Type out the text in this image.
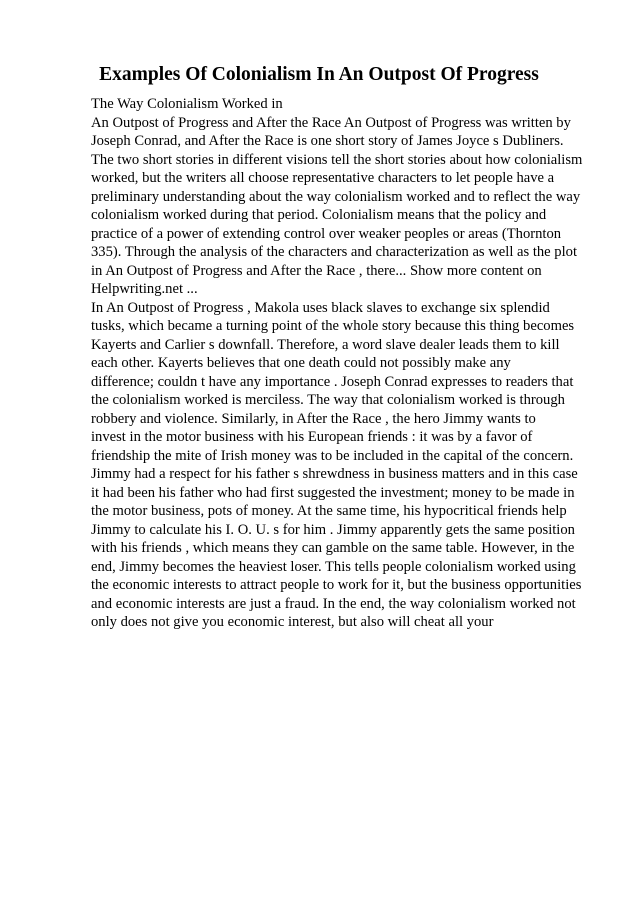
Examples Of Colonialism In An Outpost Of Progress
The Way Colonialism Worked in
An Outpost of Progress and After the Race An Outpost of Progress was written by
Joseph Conrad, and After the Race is one short story of James Joyce s Dubliners.
The two short stories in different visions tell the short stories about how colonialism
worked, but the writers all choose representative characters to let people have a
preliminary understanding about the way colonialism worked and to reflect the way
colonialism worked during that period. Colonialism means that the policy and
practice of a power of extending control over weaker peoples or areas (Thornton
335). Through the analysis of the characters and characterization as well as the plot
in An Outpost of Progress and After the Race , there... Show more content on
Helpwriting.net ...
In An Outpost of Progress , Makola uses black slaves to exchange six splendid
tusks, which became a turning point of the whole story because this thing becomes
Kayerts and Carlier s downfall. Therefore, a word slave dealer leads them to kill
each other. Kayerts believes that one death could not possibly make any
difference; couldn t have any importance . Joseph Conrad expresses to readers that
the colonialism worked is merciless. The way that colonialism worked is through
robbery and violence. Similarly, in After the Race , the hero Jimmy wants to
invest in the motor business with his European friends : it was by a favor of
friendship the mite of Irish money was to be included in the capital of the concern.
Jimmy had a respect for his father s shrewdness in business matters and in this case
it had been his father who had first suggested the investment; money to be made in
the motor business, pots of money. At the same time, his hypocritical friends help
Jimmy to calculate his I. O. U. s for him . Jimmy apparently gets the same position
with his friends , which means they can gamble on the same table. However, in the
end, Jimmy becomes the heaviest loser. This tells people colonialism worked using
the economic interests to attract people to work for it, but the business opportunities
and economic interests are just a fraud. In the end, the way colonialism worked not
only does not give you economic interest, but also will cheat all your
